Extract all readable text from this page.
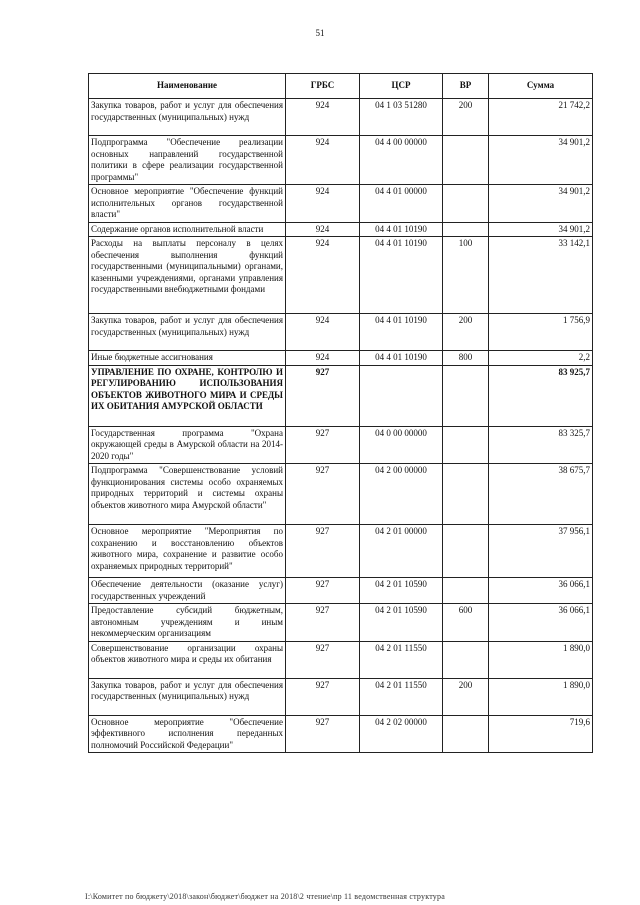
51
Наименование	ГРБС	ЦСР	ВР	Сумма
Закупка товаров, работ и услуг для обеспечения государственных (муниципальных) нужд	924	04 1 03 51280	200	21 742,2
Подпрограмма "Обеспечение реализации основных направлений государственной политики в сфере реализации государственной программы"	924	04 4 00 00000		34 901,2
Основное мероприятие "Обеспечение функций исполнительных органов государственной власти"	924	04 4 01 00000		34 901,2
Содержание органов исполнительной власти	924	04 4 01 10190		34 901,2
Расходы на выплаты персоналу в целях обеспечения выполнения функций государственными (муниципальными) органами, казенными учреждениями, органами управления государственными внебюджетными фондами	924	04 4 01 10190	100	33 142,1
Закупка товаров, работ и услуг для обеспечения государственных (муниципальных) нужд	924	04 4 01 10190	200	1 756,9
Иные бюджетные ассигнования	924	04 4 01 10190	800	2,2
УПРАВЛЕНИЕ ПО ОХРАНЕ, КОНТРОЛЮ И РЕГУЛИРОВАНИЮ ИСПОЛЬЗОВАНИЯ ОБЪЕКТОВ ЖИВОТНОГО МИРА И СРЕДЫ ИХ ОБИТАНИЯ АМУРСКОЙ ОБЛАСТИ	927			83 925,7
Государственная программа "Охрана окружающей среды в Амурской области на 2014-2020 годы"	927	04 0 00 00000		83 325,7
Подпрограмма "Совершенствование условий функционирования системы особо охраняемых природных территорий и системы охраны объектов животного мира Амурской области"	927	04 2 00 00000		38 675,7
Основное мероприятие "Мероприятия по сохранению и восстановлению объектов животного мира, сохранение и развитие особо охраняемых природных территорий"	927	04 2 01 00000		37 956,1
Обеспечение деятельности (оказание услуг) государственных учреждений	927	04 2 01 10590		36 066,1
Предоставление субсидий бюджетным, автономным учреждениям и иным некоммерческим организациям	927	04 2 01 10590	600	36 066,1
Совершенствование организации охраны объектов животного мира и среды их обитания	927	04 2 01 11550		1 890,0
Закупка товаров, работ и услуг для обеспечения государственных (муниципальных) нужд	927	04 2 01 11550	200	1 890,0
Основное мероприятие "Обеспечение эффективного исполнения переданных полномочий Российской Федерации"	927	04 2 02 00000		719,6
I:\Комитет по бюджету\2018\закон\бюджет\бюджет на 2018\2 чтение\пр 11 ведомственная структура
